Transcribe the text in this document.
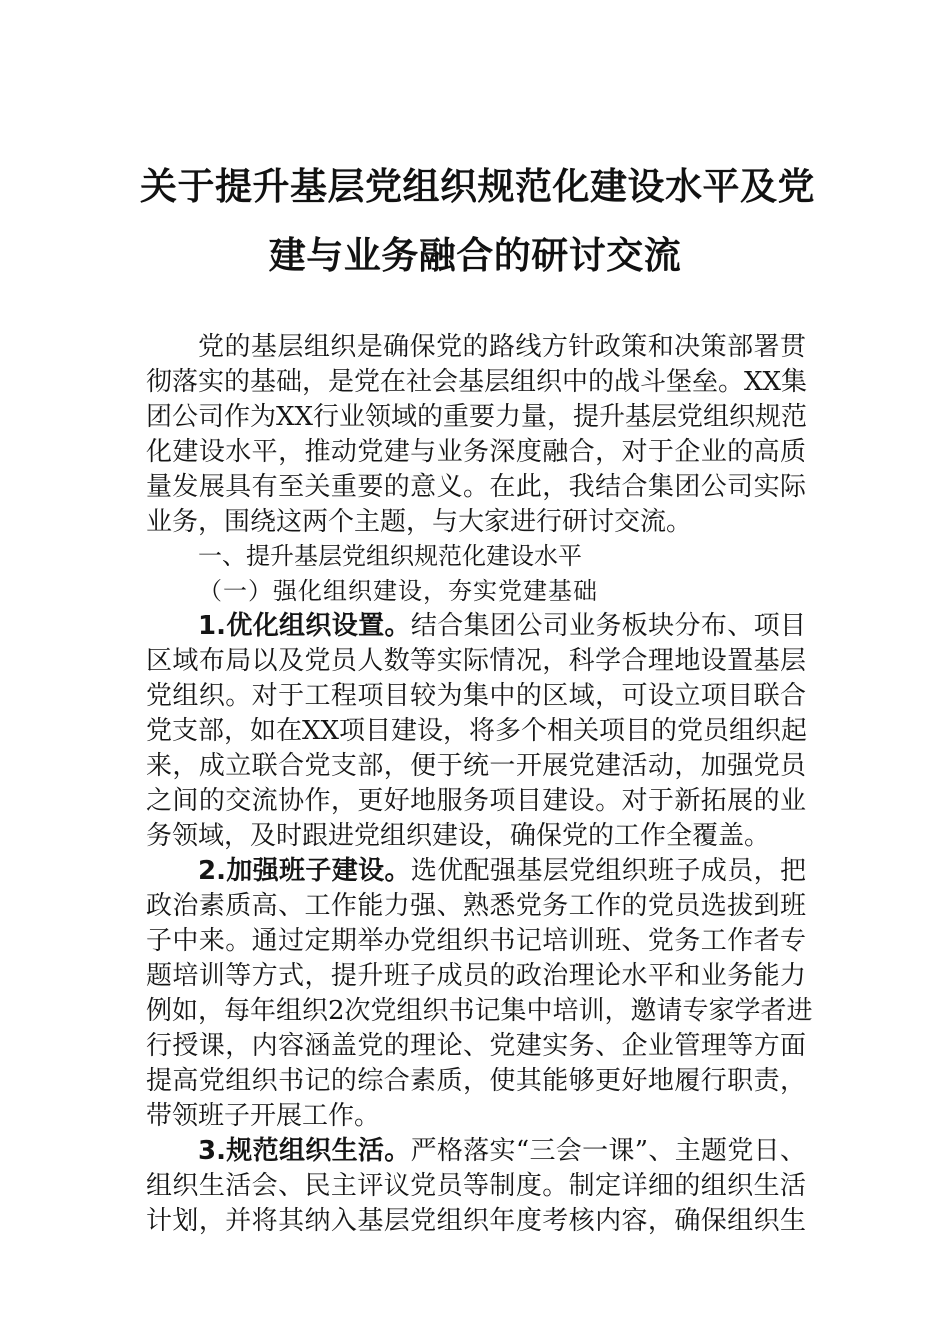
关于提升基层党组织规范化建设水平及党
建与业务融合的研讨交流
党的基层组织是确保党的路线方针政策和决策部署贯
彻落实的基础，是党在社会基层组织中的战斗堡垒。XX集
团公司作为XX行业领域的重要力量，提升基层党组织规范
化建设水平，推动党建与业务深度融合，对于企业的高质
量发展具有至关重要的意义。在此，我结合集团公司实际
业务，围绕这两个主题，与大家进行研讨交流。
一、提升基层党组织规范化建设水平
（一）强化组织建设，夯实党建基础
1.优化组织设置。结合集团公司业务板块分布、项目
区域布局以及党员人数等实际情况，科学合理地设置基层
党组织。对于工程项目较为集中的区域，可设立项目联合
党支部，如在XX项目建设，将多个相关项目的党员组织起
来，成立联合党支部，便于统一开展党建活动，加强党员
之间的交流协作，更好地服务项目建设。对于新拓展的业
务领域，及时跟进党组织建设，确保党的工作全覆盖。
2.加强班子建设。选优配强基层党组织班子成员，把
政治素质高、工作能力强、熟悉党务工作的党员选拔到班
子中来。通过定期举办党组织书记培训班、党务工作者专
题培训等方式，提升班子成员的政治理论水平和业务能力
例如，每年组织2次党组织书记集中培训，邀请专家学者进
行授课，内容涵盖党的理论、党建实务、企业管理等方面
提高党组织书记的综合素质，使其能够更好地履行职责，
带领班子开展工作。
3.规范组织生活。严格落实“三会一课”、主题党日、
组织生活会、民主评议党员等制度。制定详细的组织生活
计划，并将其纳入基层党组织年度考核内容，确保组织生
